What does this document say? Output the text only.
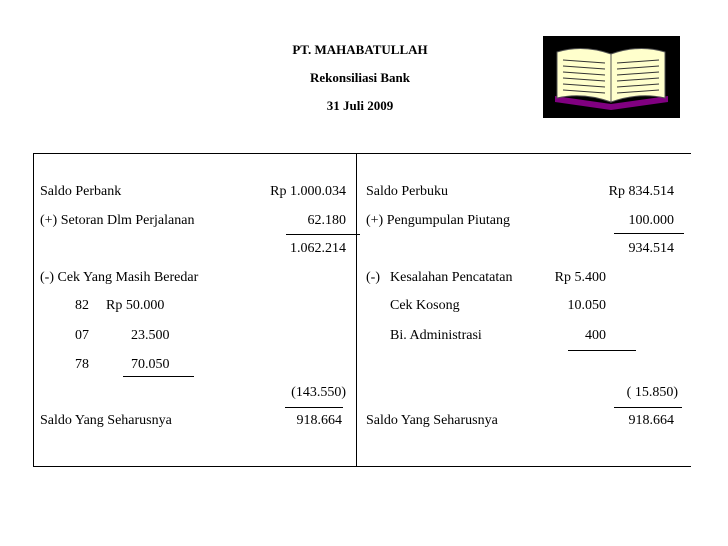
PT. MAHABATULLAH
Rekonsiliasi Bank
31 Juli 2009
Saldo Perbank	Rp 1.000.034
(+) Setoran Dlm Perjalanan	62.180
1.062.214
(-) Cek Yang Masih Beredar
82 Rp 50.000
07	23.500
78	70.050
(143.550)
Saldo Yang Seharusnya	918.664
Saldo Perbuku	Rp 834.514
(+) Pengumpulan Piutang	100.000
934.514
(-) Kesalahan Pencatatan	Rp 5.400
Cek Kosong	10.050
Bi. Administrasi	400
( 15.850)
Saldo Yang Seharusnya	918.664
